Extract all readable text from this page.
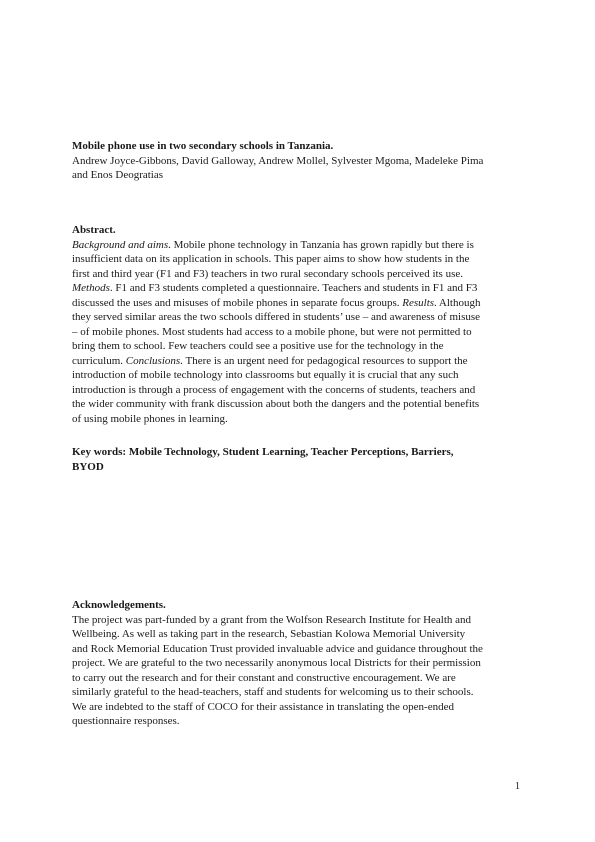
Mobile phone use in two secondary schools in Tanzania.
Andrew Joyce-Gibbons, David Galloway, Andrew Mollel, Sylvester Mgoma, Madeleke Pima
and Enos Deogratias
Abstract.
Background and aims. Mobile phone technology in Tanzania has grown rapidly but there is
insufficient data on its application in schools. This paper aims to show how students in the
first and third year (F1 and F3) teachers in two rural secondary schools perceived its use.
Methods. F1 and F3 students completed a questionnaire. Teachers and students in F1 and F3
discussed the uses and misuses of mobile phones in separate focus groups. Results. Although
they served similar areas the two schools differed in students’ use – and awareness of misuse
– of mobile phones. Most students had access to a mobile phone, but were not permitted to
bring them to school. Few teachers could see a positive use for the technology in the
curriculum. Conclusions. There is an urgent need for pedagogical resources to support the
introduction of mobile technology into classrooms but equally it is crucial that any such
introduction is through a process of engagement with the concerns of students, teachers and
the wider community with frank discussion about both the dangers and the potential benefits
of using mobile phones in learning.
Key words: Mobile Technology, Student Learning, Teacher Perceptions, Barriers,
BYOD
Acknowledgements.
The project was part-funded by a grant from the Wolfson Research Institute for Health and
Wellbeing. As well as taking part in the research, Sebastian Kolowa Memorial University
and Rock Memorial Education Trust provided invaluable advice and guidance throughout the
project. We are grateful to the two necessarily anonymous local Districts for their permission
to carry out the research and for their constant and constructive encouragement. We are
similarly grateful to the head-teachers, staff and students for welcoming us to their schools.
We are indebted to the staff of COCO for their assistance in translating the open-ended
questionnaire responses.
1
